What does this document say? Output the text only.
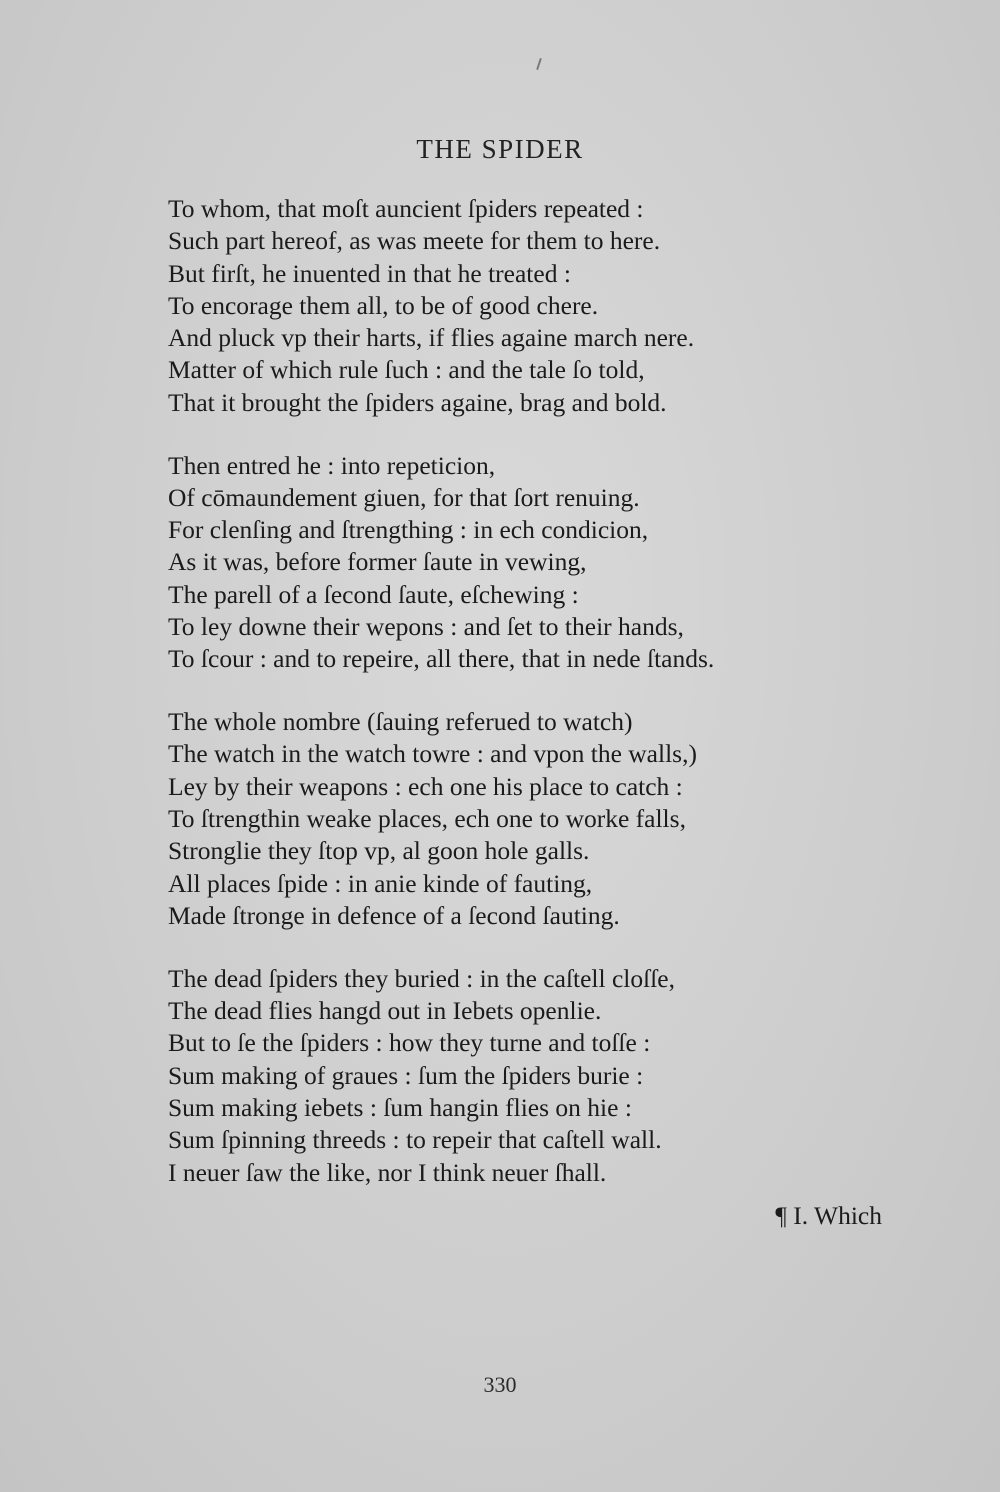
THE SPIDER
To whom, that moſt auncient ſpiders repeated :
Such part hereof, as was meete for them to here.
But firſt, he inuented in that he treated :
To encorage them all, to be of good chere.
And pluck vp their harts, if flies againe march nere.
Matter of which rule ſuch : and the tale ſo told,
That it brought the ſpiders againe, brag and bold.
Then entred he : into repeticion,
Of cōmaundement giuen, for that ſort renuing.
For clenſing and ſtrengthing : in ech condicion,
As it was, before former ſaute in vewing,
The parell of a ſecond ſaute, eſchewing :
To ley downe their wepons : and ſet to their hands,
To ſcour : and to repeire, all there, that in nede ſtands.
The whole nombre (ſauing referued to watch)
The watch in the watch towre : and vpon the walls,)
Ley by their weapons : ech one his place to catch :
To ſtrengthin weake places, ech one to worke falls,
Stronglie they ſtop vp, al goon hole galls.
All places ſpide : in anie kinde of fauting,
Made ſtronge in defence of a ſecond ſauting.
The dead ſpiders they buried : in the caſtell cloſſe,
The dead flies hangd out in Iebets openlie.
But to ſe the ſpiders : how they turne and toſſe :
Sum making of graues : ſum the ſpiders burie :
Sum making iebets : ſum hangin flies on hie :
Sum ſpinning threeds : to repeir that caſtell wall.
I neuer ſaw the like, nor I think neuer ſhall.
¶ I. Which
330
